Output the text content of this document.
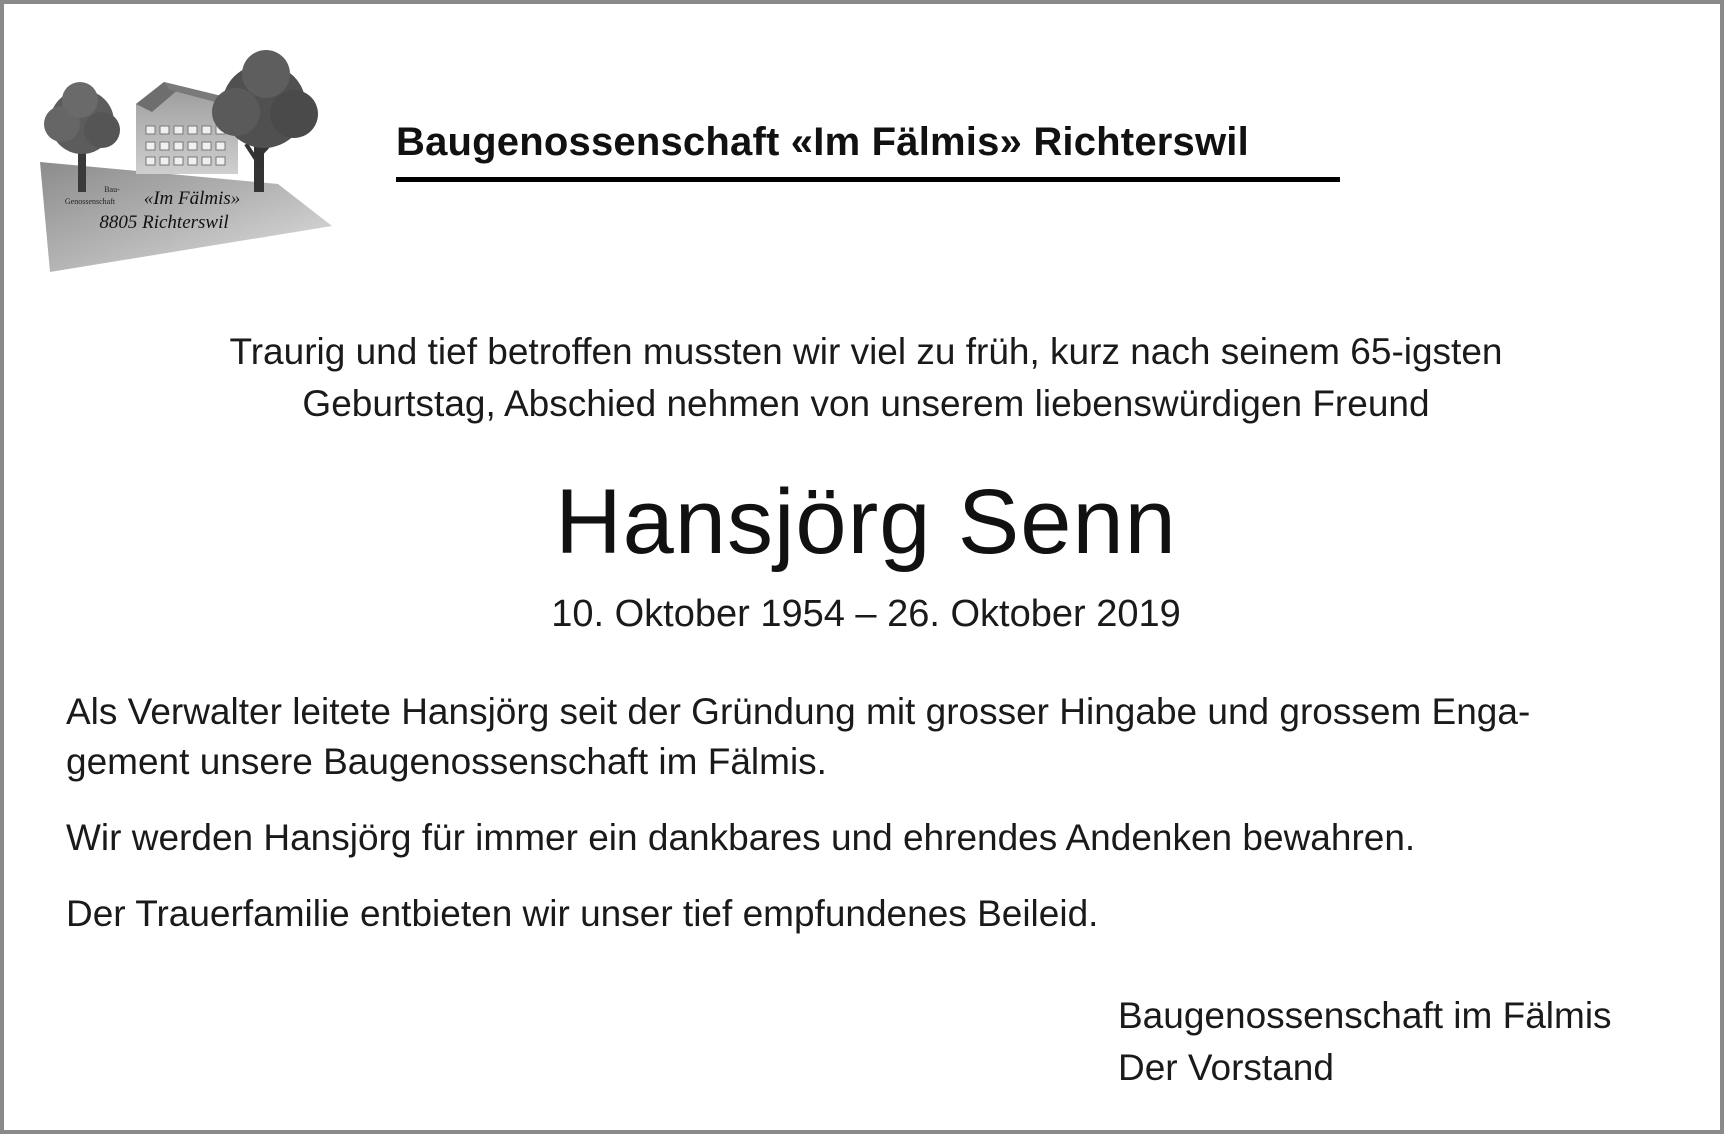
Bau-
Genossenschaft «Im Fälmis»
8805 Richterswil
Baugenossenschaft «Im Fälmis» Richterswil
Traurig und tief betroffen mussten wir viel zu früh, kurz nach seinem 65-igsten
Geburtstag, Abschied nehmen von unserem liebenswürdigen Freund
Hansjörg Senn
10. Oktober 1954 – 26. Oktober 2019
Als Verwalter leitete Hansjörg seit der Gründung mit grosser Hingabe und grossem Enga-
gement unsere Baugenossenschaft im Fälmis.
Wir werden Hansjörg für immer ein dankbares und ehrendes Andenken bewahren.
Der Trauerfamilie entbieten wir unser tief empfundenes Beileid.
Baugenossenschaft im Fälmis
Der Vorstand
